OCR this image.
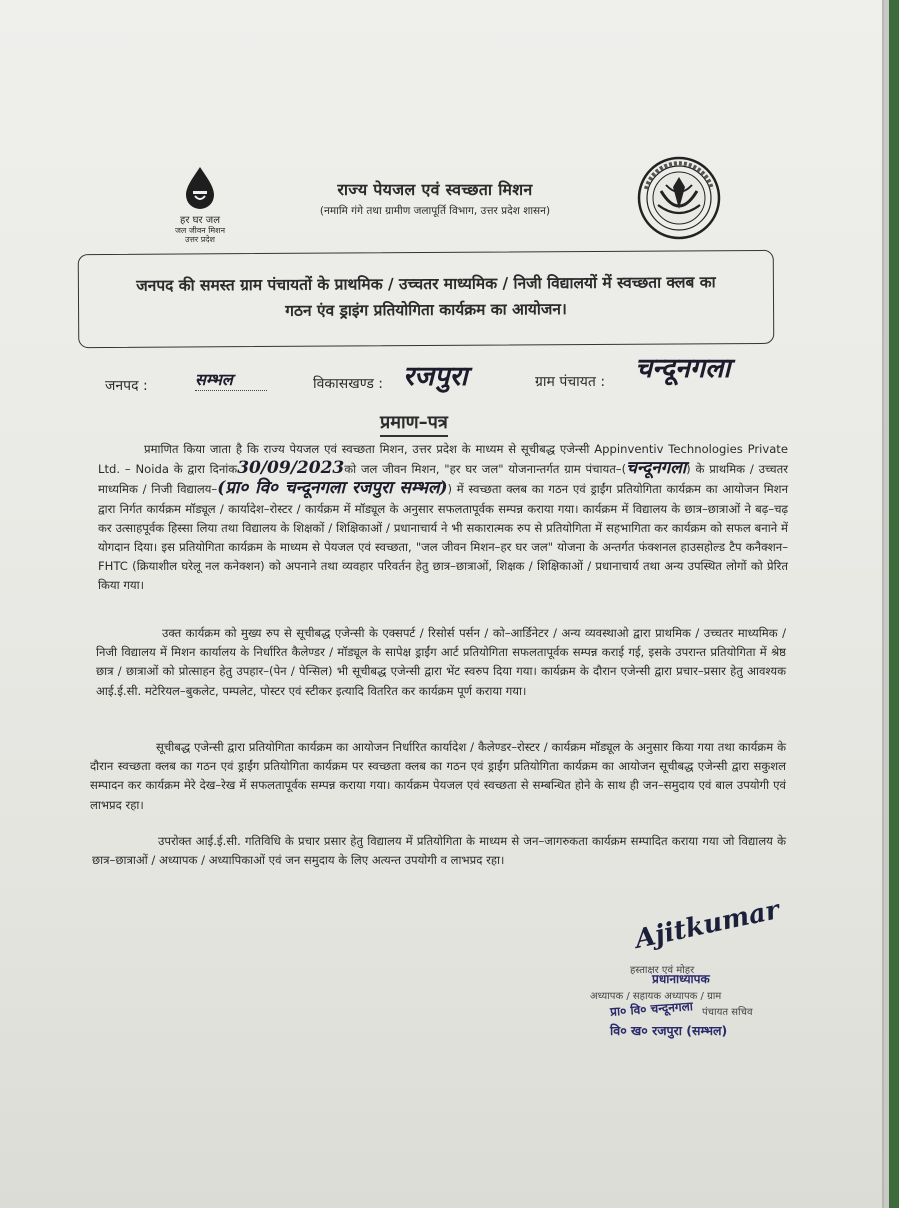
हर घर जल
जल जीवन मिशन
उत्तर प्रदेश
राज्य पेयजल एवं स्वच्छता मिशन
(नमामि गंगे तथा ग्रामीण जलापूर्ति विभाग, उत्तर प्रदेश शासन)
जनपद की समस्त ग्राम पंचायतों के प्राथमिक / उच्चतर माध्यमिक / निजी विद्यालयों में स्वच्छता क्लब का
गठन एंव ड्राइंग प्रतियोगिता कार्यक्रम का आयोजन।
जनपद :	सम्भल	विकासखण्ड : रजपुरा	ग्राम पंचायत : चन्दूनगला
प्रमाण–पत्र
प्रमाणित किया जाता है कि राज्य पेयजल एवं स्वच्छता मिशन, उत्तर प्रदेश के माध्यम से सूचीबद्ध एजेन्सी Appinventiv Technologies Private Ltd. – Noida के द्वारा दिनांक30/09/2023को जल जीवन मिशन, "हर घर जल" योजनान्तर्गत ग्राम पंचायत–(चन्दूनगला) के प्राथमिक / उच्चतर माध्यमिक / निजी विद्यालय–(प्रा० वि० चन्दूनगला रजपुरा सम्भल)) में स्वच्छता क्लब का गठन एवं ड्राईंग प्रतियोगिता कार्यक्रम का आयोजन मिशन द्वारा निर्गत कार्यक्रम मॉड्यूल / कार्यादेश–रोस्टर / कार्यक्रम में मॉड्यूल के अनुसार सफलतापूर्वक सम्पन्न कराया गया। कार्यक्रम में विद्यालय के छात्र–छात्राओं ने बढ़–चढ़ कर उत्साहपूर्वक हिस्सा लिया तथा विद्यालय के शिक्षकों / शिक्षिकाओं / प्रधानाचार्य ने भी सकारात्मक रुप से प्रतियोगिता में सहभागिता कर कार्यक्रम को सफल बनाने में योगदान दिया। इस प्रतियोगिता कार्यक्रम के माध्यम से पेयजल एवं स्वच्छता, "जल जीवन मिशन–हर घर जल" योजना के अन्तर्गत फंक्शनल हाउसहोल्ड टैप कनैक्शन–FHTC (क्रियाशील घरेलू नल कनेक्शन) को अपनाने तथा व्यवहार परिवर्तन हेतु छात्र–छात्राओं, शिक्षक / शिक्षिकाओं / प्रधानाचार्य तथा अन्य उपस्थित लोगों को प्रेरित किया गया।
उक्त कार्यक्रम को मुख्य रुप से सूचीबद्ध एजेन्सी के एक्सपर्ट / रिसोर्स पर्सन / को–आर्डिनेटर / अन्य व्यवस्थाओ द्वारा प्राथमिक / उच्चतर माध्यमिक / निजी विद्यालय में मिशन कार्यालय के निर्धारित कैलेण्डर / मॉड्यूल के सापेक्ष ड्राईंग आर्ट प्रतियोगिता सफलतापूर्वक सम्पन्न कराई गई, इसके उपरान्त प्रतियोगिता में श्रेष्ठ छात्र / छात्राओं को प्रोत्साहन हेतु उपहार–(पेन / पेन्सिल) भी सूचीबद्ध एजेन्सी द्वारा भेंट स्वरुप दिया गया। कार्यक्रम के दौरान एजेन्सी द्वारा प्रचार–प्रसार हेतु आवश्यक आई.ई.सी. मटेरियल–बुकलेट, पम्पलेट, पोस्टर एवं स्टीकर इत्यादि वितरित कर कार्यक्रम पूर्ण कराया गया।
सूचीबद्ध एजेन्सी द्वारा प्रतियोगिता कार्यक्रम का आयोजन निर्धारित कार्यादेश / कैलेण्डर–रोस्टर / कार्यक्रम मॉड्यूल के अनुसार किया गया तथा कार्यक्रम के दौरान स्वच्छता क्लब का गठन एवं ड्राईंग प्रतियोगिता कार्यक्रम पर स्वच्छता क्लब का गठन एवं ड्राईंग प्रतियोगिता कार्यक्रम का आयोजन सूचीबद्ध एजेन्सी द्वारा सकुशल सम्पादन कर कार्यक्रम मेरे देख–रेख में सफलतापूर्वक सम्पन्न कराया गया। कार्यक्रम पेयजल एवं स्वच्छता से सम्बन्धित होने के साथ ही जन–समुदाय एवं बाल उपयोगी एवं लाभप्रद रहा।
उपरोक्त आई.ई.सी. गतिविधि के प्रचार प्रसार हेतु विद्यालय में प्रतियोगिता के माध्यम से जन–जागरुकता कार्यक्रम सम्पादित कराया गया जो विद्यालय के छात्र–छात्राओं / अध्यापक / अध्यापिकाओं एवं जन समुदाय के लिए अत्यन्त उपयोगी व लाभप्रद रहा।
Ajitkumar
हस्ताक्षर एवं मोहर
प्रधानाध्यापक
अध्यापक / सहायक अध्यापक / ग्राम
पंचायत सचिव
प्रा० वि० चन्दूनगला
वि० ख० रजपुरा (सम्भल)
